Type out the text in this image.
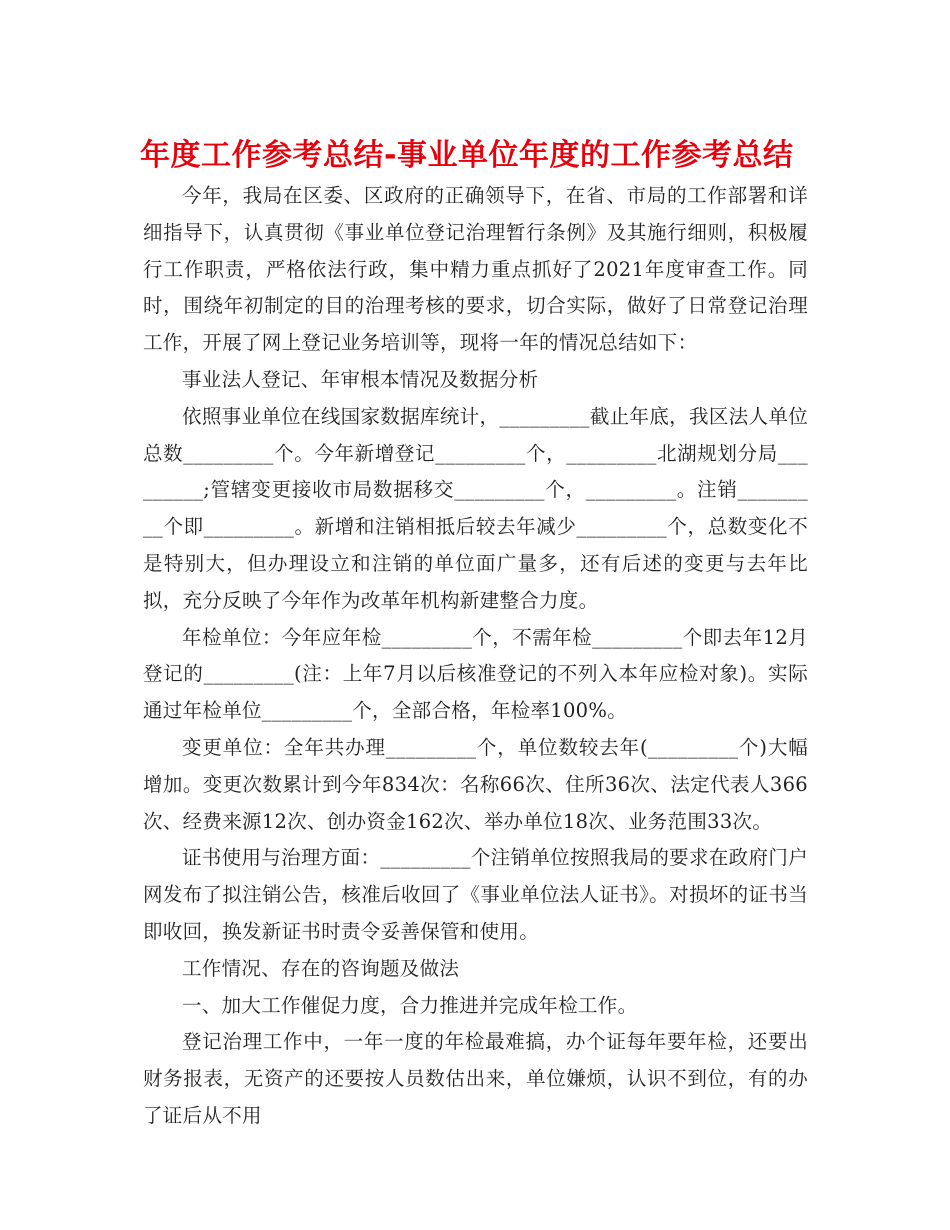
年度工作参考总结-事业单位年度的工作参考总结

今年，我局在区委、区政府的正确领导下，在省、市局的工作部署和详细指导下，认真贯彻《事业单位登记治理暂行条例》及其施行细则，积极履行工作职责，严格依法行政，集中精力重点抓好了2021年度审查工作。同时，围绕年初制定的目的治理考核的要求，切合实际，做好了日常登记治理工作，开展了网上登记业务培训等，现将一年的情况总结如下：

事业法人登记、年审根本情况及数据分析

依照事业单位在线国家数据库统计，_________截止年底，我区法人单位总数_________个。今年新增登记_________个，_________北湖规划分局_________;管辖变更接收市局数据移交_________个，_________。注销_________个即_________。新增和注销相抵后较去年减少_________个，总数变化不是特别大，但办理设立和注销的单位面广量多，还有后述的变更与去年比拟，充分反映了今年作为改革年机构新建整合力度。

年检单位：今年应年检_________个，不需年检_________个即去年12月登记的_________(注：上年7月以后核准登记的不列入本年应检对象)。实际通过年检单位_________个，全部合格，年检率100%。

变更单位：全年共办理_________个，单位数较去年(_________个)大幅增加。变更次数累计到今年834次：名称66次、住所36次、法定代表人366次、经费来源12次、创办资金162次、举办单位18次、业务范围33次。

证书使用与治理方面：_________个注销单位按照我局的要求在政府门户网发布了拟注销公告，核准后收回了《事业单位法人证书》。对损坏的证书当即收回，换发新证书时责令妥善保管和使用。

工作情况、存在的咨询题及做法

一、加大工作催促力度，合力推进并完成年检工作。

登记治理工作中，一年一度的年检最难搞，办个证每年要年检，还要出财务报表，无资产的还要按人员数估出来，单位嫌烦，认识不到位，有的办了证后从不用
